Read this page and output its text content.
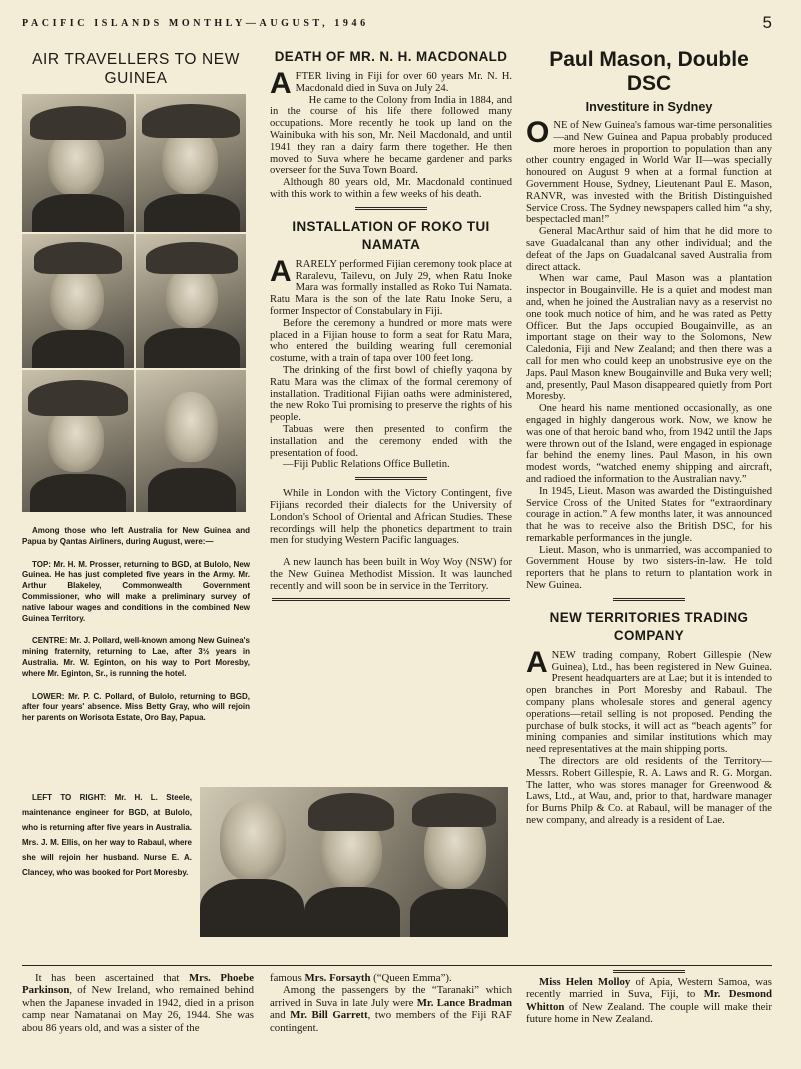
PACIFIC ISLANDS MONTHLY—AUGUST, 1946	5
AIR TRAVELLERS TO NEW GUINEA

Among those who left Australia for New Guinea and Papua by Qantas Airliners, during August, were:—

TOP: Mr. H. M. Prosser, returning to BGD, at Bulolo, New Guinea. He has just completed five years in the Army. Mr. Arthur Blakeley, Commonwealth Government Commissioner, who will make a preliminary survey of native labour wages and conditions in the combined New Guinea Territory.

CENTRE: Mr. J. Pollard, well-known among New Guinea's mining fraternity, returning to Lae, after 3½ years in Australia. Mr. W. Eginton, on his way to Port Moresby, where Mr. Eginton, Sr., is running the hotel.

LOWER: Mr. P. C. Pollard, of Bulolo, returning to BGD, after four years' absence. Miss Betty Gray, who will rejoin her parents on Worisota Estate, Oro Bay, Papua.

LEFT TO RIGHT: Mr. H. L. Steele, maintenance engineer for BGD, at Bulolo, who is returning after five years in Australia. Mrs. J. M. Ellis, on her way to Rabaul, where she will rejoin her husband. Nurse E. A. Clancey, who was booked for Port Moresby.

DEATH OF MR. N. H. MACDONALD

AFTER living in Fiji for over 60 years Mr. N. H. Macdonald died in Suva on July 24.

He came to the Colony from India in 1884, and in the course of his life there followed many occupations. More recently he took up land on the Wainibuka with his son, Mr. Neil Macdonald, and until 1941 they ran a dairy farm there together. He then moved to Suva where he became gardener and parks overseer for the Suva Town Board.

Although 80 years old, Mr. Macdonald continued with this work to within a few weeks of his death.

INSTALLATION OF ROKO TUI NAMATA

ARARELY performed Fijian ceremony took place at Raralevu, Tailevu, on July 29, when Ratu Inoke Mara was formally installed as Roko Tui Namata. Ratu Mara is the son of the late Ratu Inoke Seru, a former Inspector of Constabulary in Fiji.

Before the ceremony a hundred or more mats were placed in a Fijian house to form a seat for Ratu Mara, who entered the building wearing full ceremonial costume, with a train of tapa over 100 feet long.

The drinking of the first bowl of chiefly yaqona by Ratu Mara was the climax of the formal ceremony of installation. Traditional Fijian oaths were administered, the new Roko Tui promising to preserve the rights of his people.

Tabuas were then presented to confirm the installation and the ceremony ended with the presentation of food.

—Fiji Public Relations Office Bulletin.

While in London with the Victory Contingent, five Fijians recorded their dialects for the University of London's School of Oriental and African Studies. These recordings will help the phonetics department to train men for studying Western Pacific languages.

A new launch has been built in Woy Woy (NSW) for the New Guinea Methodist Mission. It was launched recently and will soon be in service in the Territory.

Paul Mason, Double DSC
Investiture in Sydney

ONE of New Guinea's famous war-time personalities—and New Guinea and Papua probably produced more heroes in proportion to population than any other country engaged in World War II—was specially honoured on August 9 when at a formal function at Government House, Sydney, Lieutenant Paul E. Mason, RANVR, was invested with the British Distinguished Service Cross. The Sydney newspapers called him “a shy, bespectacled man!”

General MacArthur said of him that he did more to save Guadalcanal than any other individual; and the defeat of the Japs on Guadalcanal saved Australia from direct attack.

When war came, Paul Mason was a plantation inspector in Bougainville. He is a quiet and modest man and, when he joined the Australian navy as a reservist no one took much notice of him, and he was rated as Petty Officer. But the Japs occupied Bougainville, as an important stage on their way to the Solomons, New Caledonia, Fiji and New Zealand; and then there was a call for men who could keep an unobstrusive eye on the Japs. Paul Mason knew Bougainville and Buka very well; and, presently, Paul Mason disappeared quietly from Port Moresby.

One heard his name mentioned occasionally, as one engaged in highly dangerous work. Now, we know he was one of that heroic band who, from 1942 until the Japs were thrown out of the Island, were engaged in espionage far behind the enemy lines. Paul Mason, in his own modest words, “watched enemy shipping and aircraft, and radioed the information to the Australian navy.”

In 1945, Lieut. Mason was awarded the Distinguished Service Cross of the United States for “extraordinary courage in action.” A few months later, it was announced that he was to receive also the British DSC, for his remarkable performances in the jungle.

Lieut. Mason, who is unmarried, was accompanied to Government House by two sisters-in-law. He told reporters that he plans to return to plantation work in New Guinea.

NEW TERRITORIES TRADING COMPANY

ANEW trading company, Robert Gillespie (New Guinea), Ltd., has been registered in New Guinea. Present headquarters are at Lae; but it is intended to open branches in Port Moresby and Rabaul. The company plans wholesale stores and general agency operations—retail selling is not proposed. Pending the purchase of bulk stocks, it will act as “beach agents” for mining companies and similar institutions which may need representatives at the main shipping ports.

The directors are old residents of the Territory—Messrs. Robert Gillespie, R. A. Laws and R. G. Morgan. The latter, who was stores manager for Greenwood & Laws, Ltd., at Wau, and, prior to that, hardware manager for Burns Philp & Co. at Rabaul, will be manager of the new company, and already is a resident of Lae.

It has been ascertained that Mrs. Phoebe Parkinson, of New Ireland, who remained behind when the Japanese invaded in 1942, died in a prison camp near Namatanai on May 26, 1944. She was abou 86 years old, and was a sister of the

famous Mrs. Forsayth (“Queen Emma”).

Among the passengers by the “Taranaki” which arrived in Suva in late July were Mr. Lance Bradman and Mr. Bill Garrett, two members of the Fiji RAF contingent.

Miss Helen Molloy of Apia, Western Samoa, was recently married in Suva, Fiji, to Mr. Desmond Whitton of New Zealand. The couple will make their future home in New Zealand.
